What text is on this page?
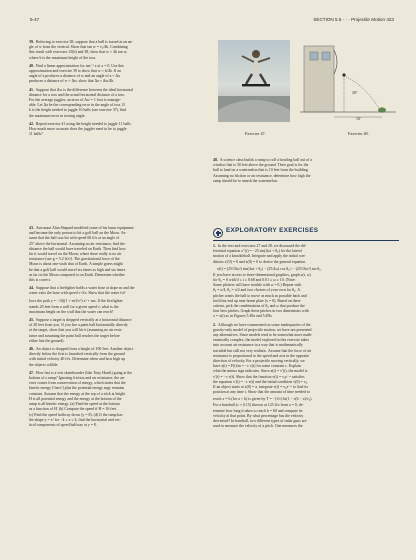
5-47	SECTION 5.5 · · · Projectile Motion 423
39. Referring to exercise 38, suppose that a ball is tossed at an an-
gle of w from the vertical. Show that tan w = v₀/4h. Combining
this result with exercises 15(b) and 38, show that w ≈ 4h tan w,
where h is the maximum height of the toss.
40. Find a linear approximation for tan⁻¹ x at x = 0. Use this
approximation and exercise 39 to show that w ≈ h/4h. If an
angle of a produces a distance of w and an angle of a + Δa
produces a distance of w + Δw, show that Δa ≈ Δw/4h.
41. Suppose that Δw is the difference between the ideal horizontal
distance for a toss and the actual horizontal distance of a toss.
For the average juggler, an error of Δw = 1 foot is manage-
able. Let Δa be the corresponding error in the angle of toss. If
h is the height needed to juggle 10 balls (see exercise 37), find
the maximum error in tossing angle.
42. Repeat exercise 41 using the height needed to juggle 11 balls.
How much more accurate does the juggler need to be to juggle
11 balls?
30°
10'
Exercise 47.	Exercise 48.
48. A science class builds a ramp to roll a bowling ball out of a
window that is 30 feet above the ground. Their goal is for the
ball to land on a watermelon that is 10 feet from the building.
Assuming no friction or air resistance, determine how high the
ramp should be to smash the watermelon.
43. Astronaut Alan Shepard modified some of his lunar equipment
and became the only person to hit a golf ball on the Moon. As-
sume that the ball was hit with speed 60 ft/s at an angle of
25° above the horizontal. Assuming no air resistance, find the
distance the ball would have traveled on Earth. Then find how
far it would travel on the Moon, where there really is no air
resistance (use g = 5.2 ft/s²). The gravitational force of the
Moon is about one-sixth that of Earth. A simple guess might
be that a golf ball would travel six times as high and six times
as far on the Moon compared to on Earth. Determine whether
this is correct.
44. Suppose that a firefighter holds a water hose at slope m and the
water exits the hose with speed v ft/s. Show that the water fol-
lows the path y = −16((1 + m²)/v²) x² + mx. If the firefighter
stands 20 feet from a wall for a given speed v, what is the
maximum height on the wall that the water can reach?
45. Suppose a target is dropped vertically at a horizontal distance
of 20 feet from you. If you fire a paint ball horizontally directly
at the target, show that you will hit it (assuming no air resis-
tance and assuming the paint ball reaches the target before
either hits the ground).
46. An object is dropped from a height of 100 feet. Another object
directly below the first is launched vertically from the ground
with initial velocity 40 ft/s. Determine when and how high up
the objects collide.
47. How fast is a vert skateboarder (like Tony Hawk) going at the
bottom of a ramp? Ignoring friction and air resistance, the an-
swer comes from conservation of energy, which states that the
kinetic energy (½mv²) plus the potential energy mgy remains
constant. Assume that the energy at the top of a trick at height
H is all potential energy and the energy at the bottom of the
ramp is all kinetic energy. (a) Find the speed at the bottom
as a function of H. (b) Compute the speed if H = 16 feet.
(c) Find the speed halfway down (y = 8). (d) If the ramp has
the shape y = x² for −4 ≤ x ≤ 4, find the horizontal and ver-
tical components of speed halfway at y = 8.
EXPLORATORY EXERCISES
1. In the text and exercises 27 and 28, we discussed the dif-
ferential equation x″(t) = −25 sin(4ωt + θ₀) for the lateral
motion of a knuckleball. Integrate and apply the initial con-
ditions x′(0) = 0 and x(0) = 0 to derive the general equation
x(t) = (25/16ω²) sin(4ωt + θ₀) − (25/4ω) cos θ₀ t − (25/16ω²) sin θ₀.
If you have access to three-dimensional graphics, graph x(t, ω)
for θ₀ = 0 with 0 ≤ t ≤ 0.68 and 0.01 ≤ ω ≤ 10. (Note:
Some plotters will have trouble with ω = 0.) Repeat with
θ₀ = π/4, θ₀ = π/2 and two choices of your own for θ₀. A
pitcher wants the ball to move as much as possible back and
forth but end up near home plate (x = 0). Based on these
criteria, pick the combinations of θ₀ and ω that produce the
four best pitches. Graph these pitches in two dimensions with
x = x(t) as in Figures 5.49a and 5.49b.
2. Although we have commented on some inadequacies of the
gravity-only model of projectile motion, we have not presented
any alternatives. Since models tend to be somewhat more math-
ematically complex, the model explored in this exercise takes
into account air resistance in a way that is mathematically
tractable but still not very realistic. Assume that the force of air
resistance is proportional to the speed and acts in the opposite
direction of velocity. For a projectile moving vertically, we
have a(t) = F(t)/m = −c v(t) for some constant c. Explain
what the minus sign indicates. Since a(t) = v′(t), the model is
v′(t) = −c v(t). Show that the function v(t) = v₀e⁻ᶜᵗ satisfies
the equation v′(t) = −c v(t) and the initial condition v(0) = v₀.
If an object starts at x(0) = a, integrate v(t) = v₀e⁻ᶜᵗ to find its
position at any time t. Show that the amount of time needed to
reach x = b (for a < b) is given by T = −(1/c) ln(1 − c(b − a)/v₀).
For a baseball (c ≈ 0.15) thrown at 125 ft/s from a = 0, de-
termine how long it takes to reach b = 60 and compute its
velocity at that point. By what percentage has the velocity
decreased? In baseball, two different types of radar guns are
used to measure the velocity of a pitch. One measures the
